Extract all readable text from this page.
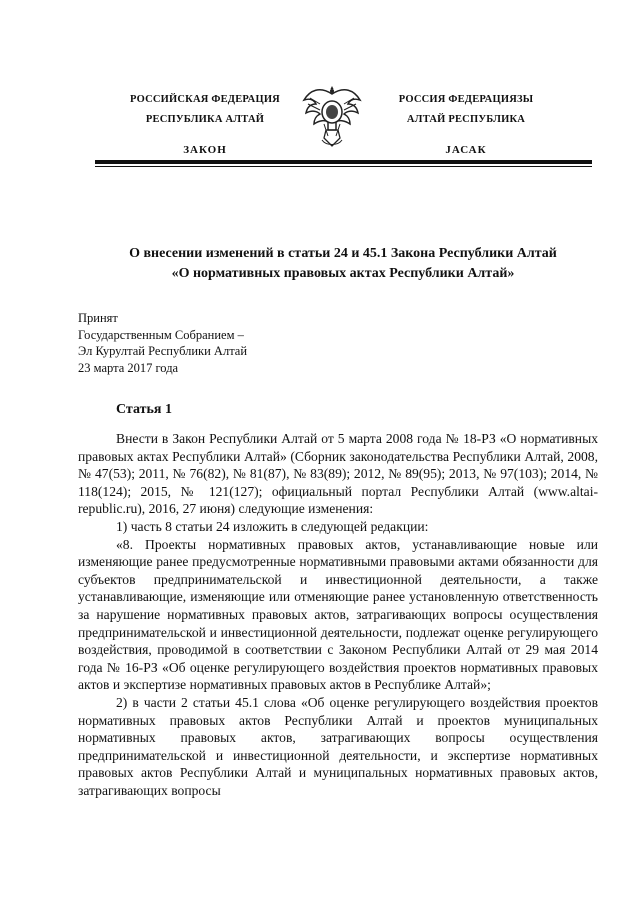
РОССИЙСКАЯ ФЕДЕРАЦИЯ
РЕСПУБЛИКА АЛТАЙ
ЗАКОН
РОССИЯ ФЕДЕРАЦИЯЗЫ
АЛТАЙ РЕСПУБЛИКА
JАСАК
О внесении изменений в статьи 24 и 45.1 Закона Республики Алтай
«О нормативных правовых актах Республики Алтай»
Принят
Государственным Собранием –
Эл Курултай Республики Алтай
23 марта 2017 года
Статья 1

Внести в Закон Республики Алтай от 5 марта 2008 года № 18-РЗ «О нормативных правовых актах Республики Алтай» (Сборник законодательства Республики Алтай, 2008, № 47(53); 2011, № 76(82), № 81(87), № 83(89); 2012, № 89(95); 2013, № 97(103); 2014, № 118(124); 2015, № 121(127); официальный портал Республики Алтай (www.altai-republic.ru), 2016, 27 июня) следующие изменения:

1) часть 8 статьи 24 изложить в следующей редакции:

«8. Проекты нормативных правовых актов, устанавливающие новые или изменяющие ранее предусмотренные нормативными правовыми актами обязанности для субъектов предпринимательской и инвестиционной деятельности, а также устанавливающие, изменяющие или отменяющие ранее установленную ответственность за нарушение нормативных правовых актов, затрагивающих вопросы осуществления предпринимательской и инвестиционной деятельности, подлежат оценке регулирующего воздействия, проводимой в соответствии с Законом Республики Алтай от 29 мая 2014 года № 16-РЗ «Об оценке регулирующего воздействия проектов нормативных правовых актов и экспертизе нормативных правовых актов в Республике Алтай»;

2) в части 2 статьи 45.1 слова «Об оценке регулирующего воздействия проектов нормативных правовых актов Республики Алтай и проектов муниципальных нормативных правовых актов, затрагивающих вопросы осуществления предпринимательской и инвестиционной деятельности, и экспертизе нормативных правовых актов Республики Алтай и муниципальных нормативных правовых актов, затрагивающих вопросы
